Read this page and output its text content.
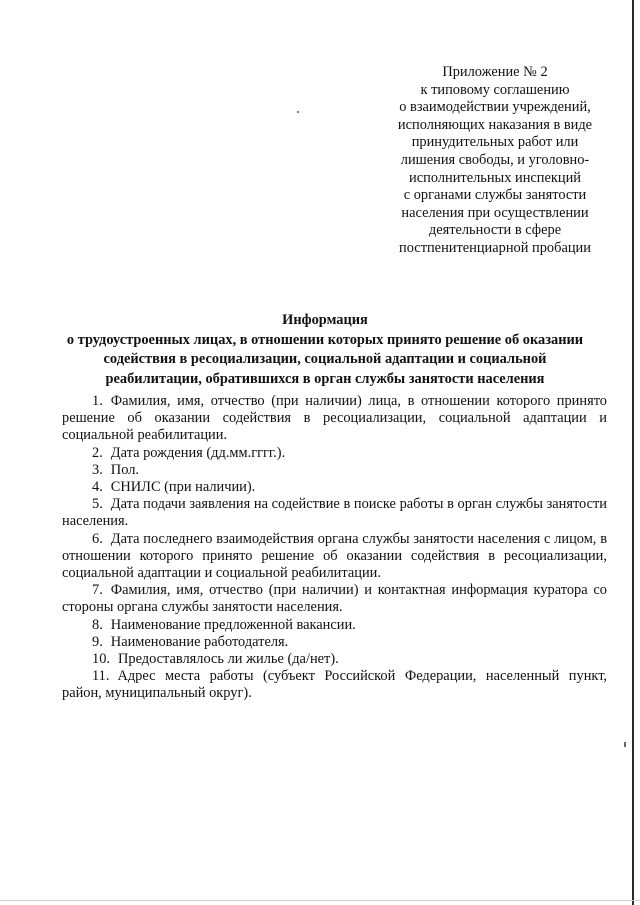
Приложение № 2
к типовому соглашению
о взаимодействии учреждений,
исполняющих наказания в виде
принудительных работ или
лишения свободы, и уголовно-
исполнительных инспекций
с органами службы занятости
населения при осуществлении
деятельности в сфере
постпенитенциарной пробации
Информация
о трудоустроенных лицах, в отношении которых принято решение об оказании
содействия в ресоциализации, социальной адаптации и социальной
реабилитации, обратившихся в орган службы занятости населения

1. Фамилия, имя, отчество (при наличии) лица, в отношении которого принято решение об оказании содействия в ресоциализации, социальной адаптации и социальной реабилитации.

2. Дата рождения (дд.мм.гггг.).

3. Пол.

4. СНИЛС (при наличии).

5. Дата подачи заявления на содействие в поиске работы в орган службы занятости населения.

6. Дата последнего взаимодействия органа службы занятости населения с лицом, в отношении которого принято решение об оказании содействия в ресоциализации, социальной адаптации и социальной реабилитации.

7. Фамилия, имя, отчество (при наличии) и контактная информация куратора со стороны органа службы занятости населения.

8. Наименование предложенной вакансии.

9. Наименование работодателя.

10. Предоставлялось ли жилье (да/нет).

11. Адрес места работы (субъект Российской Федерации, населенный пункт, район, муниципальный округ).
